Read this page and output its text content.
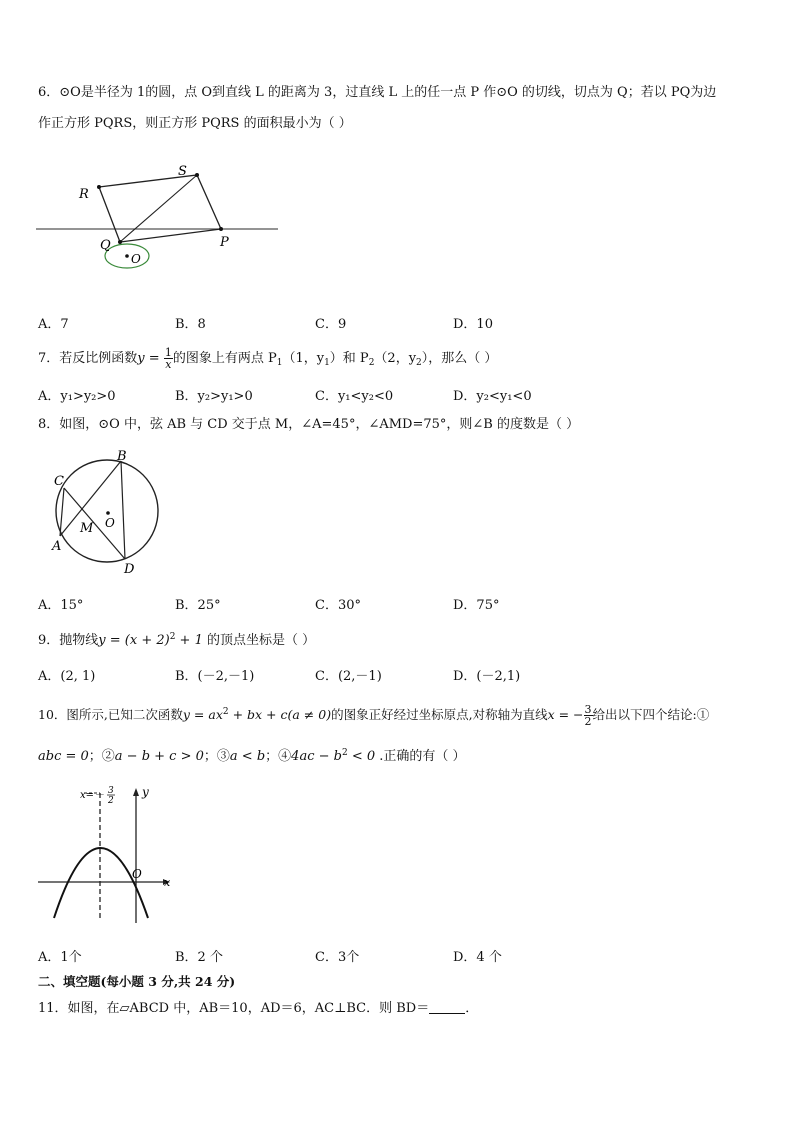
6．⊙O是半径为 1的圆，点 O到直线 L 的距离为 3，过直线 L 上的任一点 P 作⊙O 的切线，切点为 Q；若以 PQ为边
作正方形 PQRS，则正方形 PQRS 的面积最小为（ ）
R
S
Q	P
O
A．7	B．8	C．9	D．10
7．若反比例函数$y = \frac{1}{x}$ 的图象上有两点 $P_1(1$，$y_1$）和 $P_2(2$，$y_2$），那么（ ）
A．y₁>y₂>0	B．y₂>y₁>0	C．y₁<y₂<0	D．y₂<y₁<0
8．如图，⊙O 中，弦 AB 与 CD 交于点 M，∠A=45°，∠AMD=75°，则∠B 的度数是（ ）
B
C
O
M
A
D
A．15°	B．25°	C．30°	D．75°
9．抛物线$y = (x + 2)^2 + 1$ 的顶点坐标是（ ）
A．(2, 1)	B．(－2,－1)	C．(2,－1)	D．(－2,1)
10．图所示,已知二次函数$y = ax^2$ + bx + c(a ≠ 0)的图象正好经过坐标原点,对称轴为直线x = − $\frac{3}{2}$ 给出以下四个结论:①
abc = 0；②a − b + c > 0；③a < b；④4ac − $b^2 < 0$ .正确的有（ ）
x=－ 3
2
y
x
O
A．1个	B．2 个	C．3个	D．4 个
二、填空题(每小题 3 分,共 24 分)
11．如图，在▱ABCD 中，AB＝10，AD＝6，AC⊥BC．则 BD＝	．
